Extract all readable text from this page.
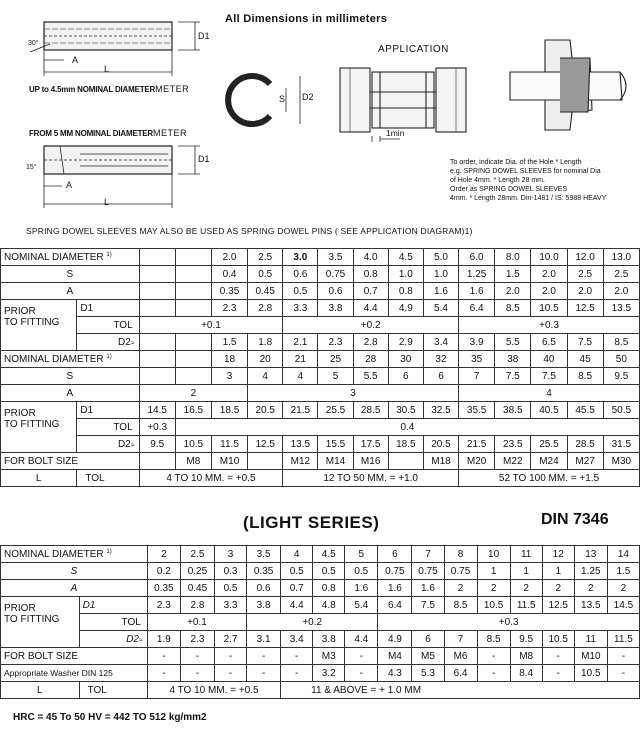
All Dimensions in millimeters
APPLICATION
30°
A
L
D1
15°
A
L
D1
S D2
1min
UP to 4.5mm NOMINAL DIAMETERMETER
FROM 5 MM NOMINAL DIAMETERMETER
To order, indicate Dia. of the Hole * Length
e.g. SPRING DOWEL SLEEVES for nominal Dia
of Hole 4mm. * Length 28 mm.
Order as SPRING DOWEL SLEEVES
4mm. * Length 28mm. Din-1481 / IS: 5988 HEAVY
SPRING DOWEL SLEEVES MAY ALSO BE USED AS SPRING DOWEL PINS ( SEE APPLICATION DIAGRAM)1)
NOMINAL DIAMETER $^{1)}$				2.0	2.5	3.0	3.5	4.0	4.5	5.0	6.0	8.0	10.0	12.0	13.0
S				0.4	0.5	0.6	0.75	0.8	1.0	1.0	1.25	1.5	2.0	2.5	2.5
A				0.35	0.45	0.5	0.6	0.7	0.8	1.6	1.6	2.0	2.0	2.0	2.0
PRIOR	D1			2.3	2.8	3.3	3.8	4.4	4.9	5.4	6.4	8.5	10.5	12.5	13.5
TO FITTING	TOL	+0.1				+0.2					+0.3				
	D2≈			1.5	1.8	2.1	2.3	2.8	2.9	3.4	3.9	5.5	6.5	7.5	8.5
NOMINAL DIAMETER $^{1)}$				18	20	21	25	28	30	32	35	38	40	45	50
S				3	4	4	5	5.5	6	6	7	7.5	7.5	8.5	9.5
A		2			3						4				
PRIOR	D1	14.5	16.5	18.5	20.5	21.5	25.5	28.5	30.5	32.5	35.5	38.5	40.5	45.5	50.5
TO FITTING	TOL	+0.3	0.4												
	D2≈	9.5	10.5	11.5	12.5	13.5	15.5	17.5	18.5	20.5	21.5	23.5	25.5	28.5	31.5
FOR BOLT SIZE			M8	M10		M12	M14	M16		M18	M20	M22	M24	M27	M30
L	TOL	4 TO 10 MM. = +0.5				12 TO 50 MM. = +1.0					52 TO 100 MM. = +1.5				
(LIGHT SERIES)	DIN 7346
NOMINAL DIAMETER $^{1)}$		2	2.5	3	3.5	4	4.5	5	6	7	8	10	11	12	13	14
S		0.2	0.25	0.3	0.35	0.5	0.5	0.5	0.75	0.75	0.75	1	1	1	1.25	1.5
A		0.35	0.45	0.5	0.6	0.7	0.8	1.6	1.6	1.6	2	2	2	2	2	2
PRIOR	D1	2.3	2.8	3.3	3.8	4.4	4.8	5.4	6.4	7.5	8.5	10.5	11.5	12.5	13.5	14.5
TO FITTING	TOL	+0.1			+0.2				+0.3							
	D2≈	1.9	2.3	2.7	3.1	3.4	3.8	4.4	4.9	6	7	8.5	9.5	10.5	11	11.5
FOR BOLT SIZE		-	-	-	-	-	M3	-	M4	M5	M6	-	M8	-	M10	-
Appropriate Washer DIN 125		-	-	-	-	-	3.2	-	4.3	5.3	6.4	-	8.4	-	10.5	-
L	TOL	4 TO 10 MM. = +0.5				11 & ABOVE = + 1.0 MM										
HRC = 45 To 50 HV = 442 TO 512 kg/mm2
